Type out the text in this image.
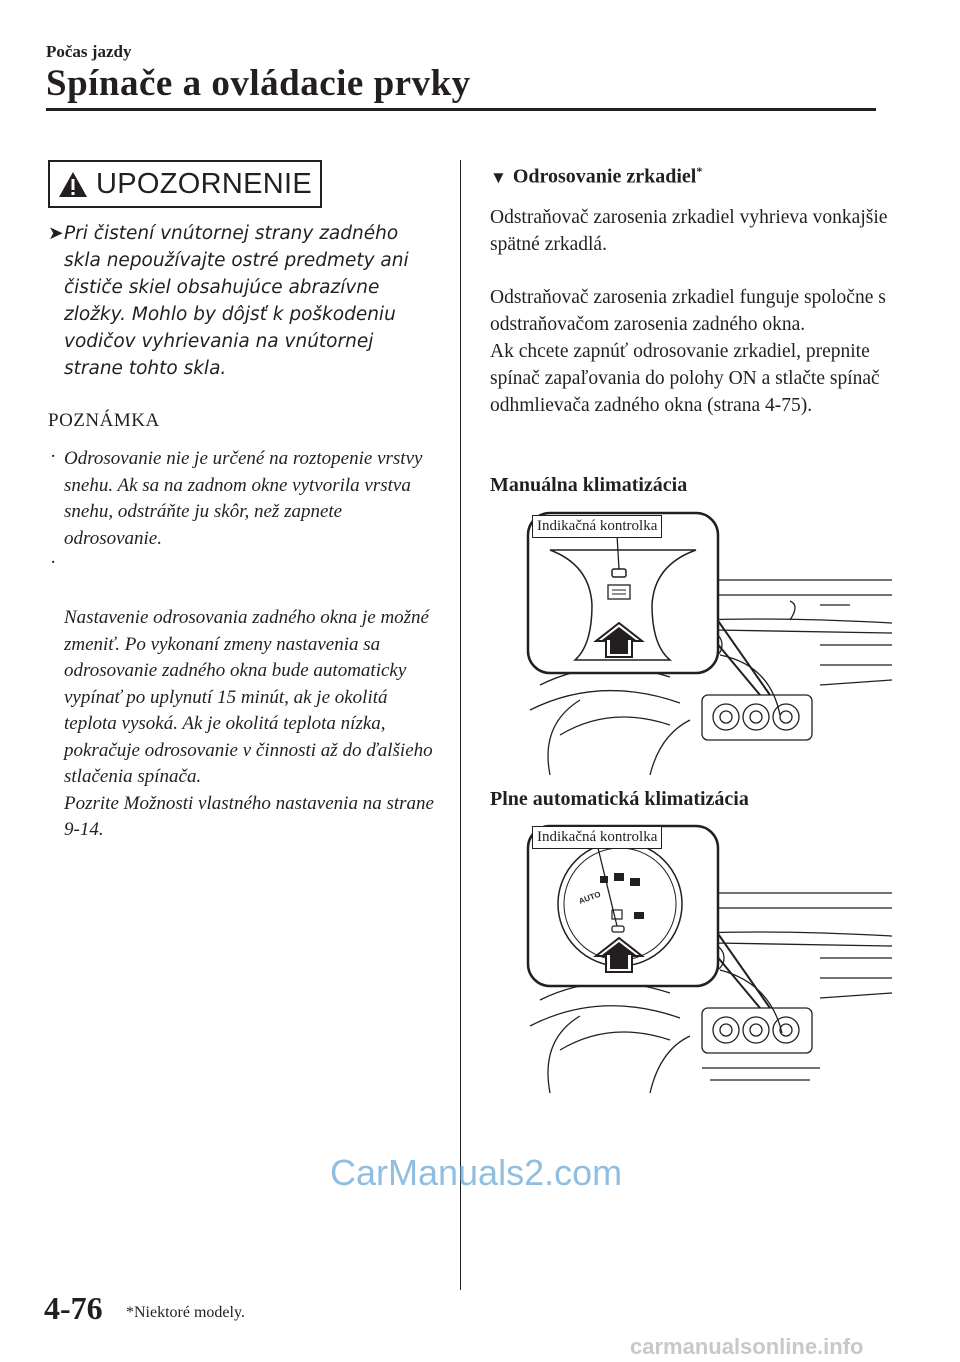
Počas jazdy
Spínače a ovládacie prvky
UPOZORNENIE
➤ Pri čistení vnútornej strany zadného skla nepoužívajte ostré predmety ani čističe skiel obsahujúce abrazívne zložky. Mohlo by dôjsť k poškodeniu vodičov vyhrievania na vnútornej strane tohto skla.
POZNÁMKA
· Odrosovanie nie je určené na roztopenie vrstvy snehu. Ak sa na zadnom okne vytvorila vrstva snehu, odstráňte ju skôr, než zapnete odrosovanie.

·

Nastavenie odrosovania zadného okna je možné zmeniť. Po vykonaní zmeny nastavenia sa odrosovanie zadného okna bude automaticky vypínať po uplynutí 15 minút, ak je okolitá teplota vysoká. Ak je okolitá teplota nízka, pokračuje odrosovanie v činnosti až do ďalšieho stlačenia spínača.
Pozrite Možnosti vlastného nastavenia na strane 9-14.

▼ Odrosovanie zrkadiel*
Odstraňovač zarosenia zrkadiel vyhrieva vonkajšie spätné zrkadlá.
Odstraňovač zarosenia zrkadiel funguje spoločne s odstraňovačom zarosenia zadného okna.
Ak chcete zapnúť odrosovanie zrkadiel, prepnite spínač zapaľovania do polohy ON a stlačte spínač odhmlievača zadného okna (strana 4-75).
Manuálna klimatizácia
Indikačná kontrolka
Plne automatická klimatizácia
AUTO
Indikačná kontrolka
4-76 *Niektoré modely.
CarManuals2.com
carmanualsonline.info
